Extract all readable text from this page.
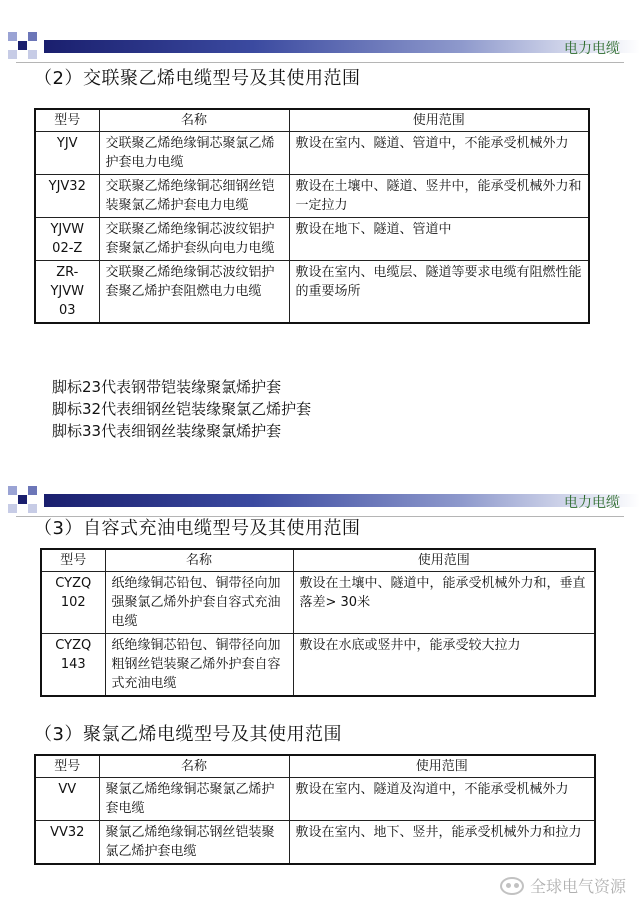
电力电缆
（2）交联聚乙烯电缆型号及其使用范围
型号	名称	使用范围
YJV	交联聚乙烯绝缘铜芯聚氯乙烯护套电力电缆	敷设在室内、隧道、管道中，不能承受机械外力
YJV32	交联聚乙烯绝缘铜芯细钢丝铠装聚氯乙烯护套电力电缆	敷设在土壤中、隧道、竖井中，能承受机械外力和一定拉力
YJVW
02-Z	交联聚乙烯绝缘铜芯波纹铝护套聚氯乙烯护套纵向电力电缆	敷设在地下、隧道、管道中
ZR-
YJVW
03	交联聚乙烯绝缘铜芯波纹铝护套聚乙烯护套阻燃电力电缆	敷设在室内、电缆层、隧道等要求电缆有阻燃性能的重要场所
脚标23代表钢带铠装缘聚氯烯护套
脚标32代表细钢丝铠装缘聚氯乙烯护套
脚标33代表细钢丝装缘聚氯烯护套
电力电缆
（3）自容式充油电缆型号及其使用范围
型号	名称	使用范围
CYZQ
102	纸绝缘铜芯铅包、铜带径向加强聚氯乙烯外护套自容式充油电缆	敷设在土壤中、隧道中，能承受机械外力和，垂直落差> 30米
CYZQ
143	纸绝缘铜芯铅包、铜带径向加粗钢丝铠装聚乙烯外护套自容式充油电缆	敷设在水底或竖井中，能承受较大拉力
（3）聚氯乙烯电缆型号及其使用范围
型号	名称	使用范围
VV	聚氯乙烯绝缘铜芯聚氯乙烯护套电缆	敷设在室内、隧道及沟道中，不能承受机械外力
VV32	聚氯乙烯绝缘铜芯钢丝铠装聚氯乙烯护套电缆	敷设在室内、地下、竖井，能承受机械外力和拉力
全球电气资源
